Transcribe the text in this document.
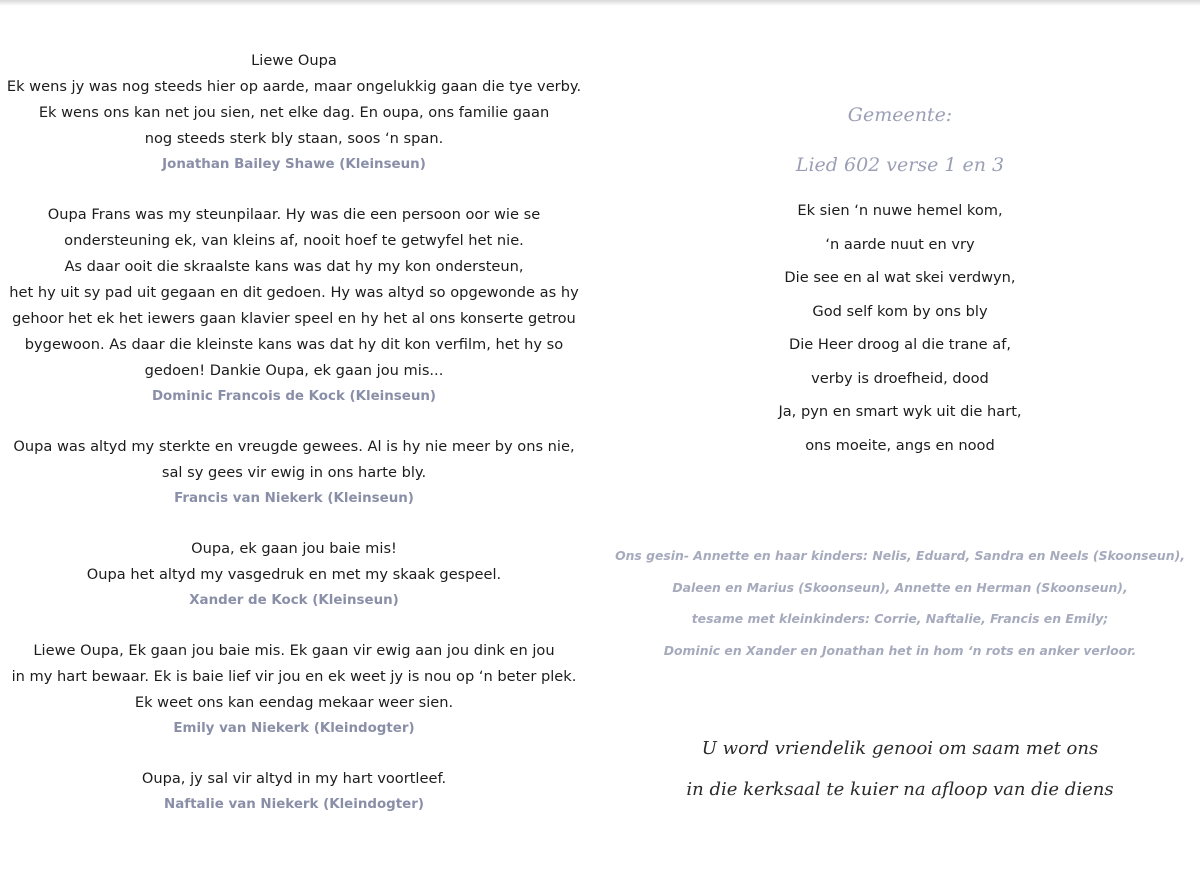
Liewe Oupa
Ek wens jy was nog steeds hier op aarde, maar ongelukkig gaan die tye verby.
Ek wens ons kan net jou sien, net elke dag. En oupa, ons familie gaan
nog steeds sterk bly staan, soos ‘n span.
Jonathan Bailey Shawe (Kleinseun)
Oupa Frans was my steunpilaar. Hy was die een persoon oor wie se
ondersteuning ek, van kleins af, nooit hoef te getwyfel het nie.
As daar ooit die skraalste kans was dat hy my kon ondersteun,
het hy uit sy pad uit gegaan en dit gedoen. Hy was altyd so opgewonde as hy
gehoor het ek het iewers gaan klavier speel en hy het al ons konserte getrou
bygewoon. As daar die kleinste kans was dat hy dit kon verfilm, het hy so
gedoen! Dankie Oupa, ek gaan jou mis...
Dominic Francois de Kock (Kleinseun)
Oupa was altyd my sterkte en vreugde gewees. Al is hy nie meer by ons nie,
sal sy gees vir ewig in ons harte bly.
Francis van Niekerk (Kleinseun)
Oupa, ek gaan jou baie mis!
Oupa het altyd my vasgedruk en met my skaak gespeel.
Xander de Kock (Kleinseun)
Liewe Oupa, Ek gaan jou baie mis. Ek gaan vir ewig aan jou dink en jou
in my hart bewaar. Ek is baie lief vir jou en ek weet jy is nou op ‘n beter plek.
Ek weet ons kan eendag mekaar weer sien.
Emily van Niekerk (Kleindogter)
Oupa, jy sal vir altyd in my hart voortleef.
Naftalie van Niekerk (Kleindogter)
Gemeente:
Lied 602 verse 1 en 3
Ek sien ‘n nuwe hemel kom,
‘n aarde nuut en vry
Die see en al wat skei verdwyn,
God self kom by ons bly
Die Heer droog al die trane af,
verby is droefheid, dood
Ja, pyn en smart wyk uit die hart,
ons moeite, angs en nood
Ons gesin- Annette en haar kinders: Nelis, Eduard, Sandra en Neels (Skoonseun),
Daleen en Marius (Skoonseun), Annette en Herman (Skoonseun),
tesame met kleinkinders: Corrie, Naftalie, Francis en Emily;
Dominic en Xander en Jonathan het in hom ‘n rots en anker verloor.
U word vriendelik genooi om saam met ons
in die kerksaal te kuier na afloop van die diens
